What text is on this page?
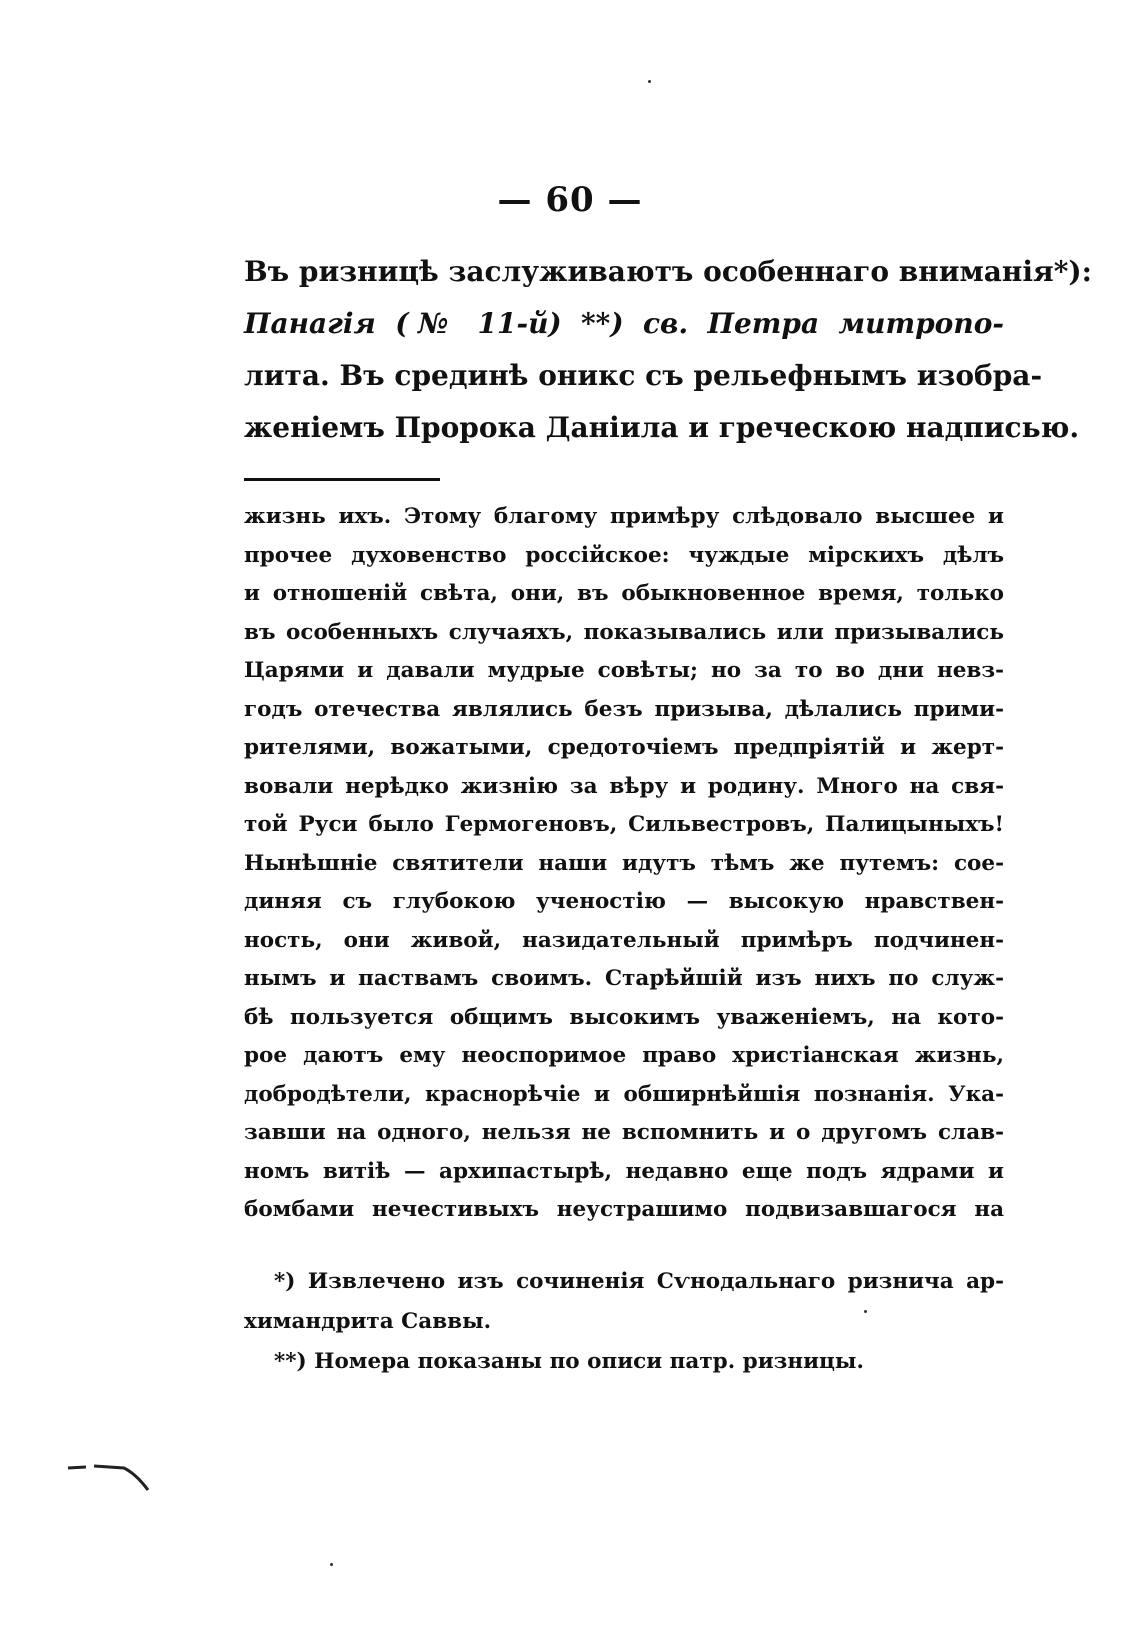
— 60 —
Въ ризницѣ заслуживаютъ особеннаго вниманія*):
Панагія (№ 11-й) **) св. Петра митропо-
лита. Въ срединѣ оникс съ рельефнымъ изобра-
женіемъ Пророка Даніила и греческою надписью.
жизнь ихъ. Этому благому примѣру слѣдовало высшее и
прочее духовенство россійское: чуждые мірскихъ дѣлъ
и отношеній свѣта, они, въ обыкновенное время, только
въ особенныхъ случаяхъ, показывались или призывались
Царями и давали мудрые совѣты; но за то во дни невз-
годъ отечества являлись безъ призыва, дѣлались прими-
рителями, вожатыми, средоточіемъ предпріятій и жерт-
вовали нерѣдко жизнію за вѣру и родину. Много на свя-
той Руси было Гермогеновъ, Сильвестровъ, Палицыныхъ!
Нынѣшніе святители наши идутъ тѣмъ же путемъ: сое-
диняя съ глубокою ученостію — высокую нравствен-
ность, они живой, назидательный примѣръ подчинен-
нымъ и паствамъ своимъ. Старѣйшій изъ нихъ по служ-
бѣ пользуется общимъ высокимъ уваженіемъ, на кото-
рое даютъ ему неоспоримое право христіанская жизнь,
добродѣтели, краснорѣчіе и обширнѣйшія познанія. Ука-
завши на одного, нельзя не вспомнить и о другомъ слав-
номъ витіѣ — архипастырѣ, недавно еще подъ ядрами и
бомбами нечестивыхъ неустрашимо подвизавшагося на
*) Извлечено изъ сочиненія Сѵнодальнаго ризнича ар-
химандрита Саввы.
**) Номера показаны по описи патр. ризницы.
